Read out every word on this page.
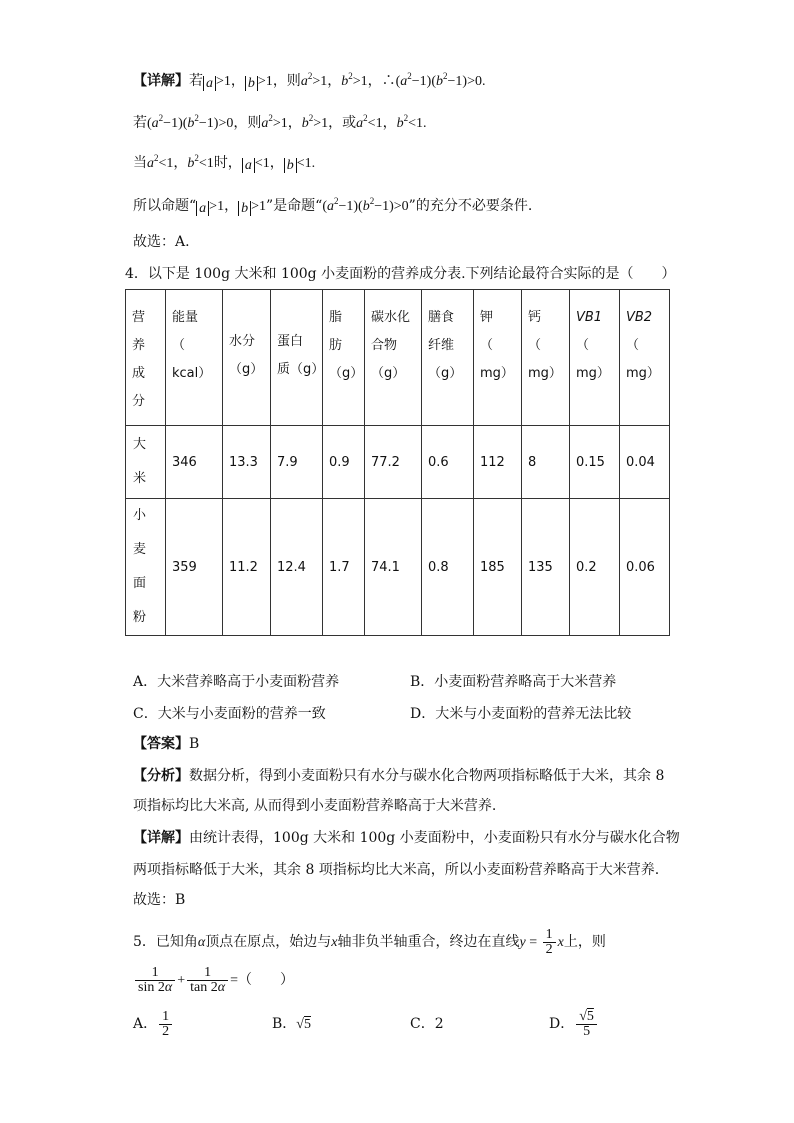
【详解】若 a >1， b >1，则$a^2>1$，$b^2>1$，$\therefore(a^2-1)(b^2-1)>0$.
若$(a^2-1)(b^2-1)>0$，则$a^2>1$，$b^2>1$，或$a^2<1$，$b^2<1$.
当$a^2<1$，$b^2<1$时， a <1， b <1.
所以命题“ a >1， b >1”是命题“$(a^2-1)(b^2-1)>0$”的充分不必要条件.
故选：A.
4．以下是 100g 大米和 100g 小麦面粉的营养成分表.下列结论最符合实际的是（　　）
营
养
成
分	能量
（
kcal）	水分
（g）	蛋白
质（g）	脂
肪
（g）	碳水化
合物
（g）	膳食
纤维
（g）	钾
（
mg）	钙
（
mg）	VB1
（
mg）	VB2
（
mg）

大
米	346	13.3	7.9	0.9	77.2	0.6	112	8	0.15	0.04

小
麦
面
粉	359	11.2	12.4	1.7	74.1	0.8	185	135	0.2	0.06
A．大米营养略高于小麦面粉营养	B．小麦面粉营养略高于大米营养
C．大米与小麦面粉的营养一致	D．大米与小麦面粉的营养无法比较
【答案】B
【分析】数据分析，得到小麦面粉只有水分与碳水化合物两项指标略低于大米，其余 8
项指标均比大米高, 从而得到小麦面粉营养略高于大米营养.
【详解】由统计表得，100g 大米和 100g 小麦面粉中，小麦面粉只有水分与碳水化合物
两项指标略低于大米，其余 8 项指标均比大米高，所以小麦面粉营养略高于大米营养.
故选：B
5．已知角α顶点在原点，始边与x轴非负半轴重合，终边在直线$y = \frac{1}{2}$ x上，则
$\frac{1}{\sin 2\alpha} + \frac{1}{\tan 2\alpha}$ =（　　）
A． $\frac{1}{2}$	B．√5	C．2	D． $\frac{√5}{5}$
